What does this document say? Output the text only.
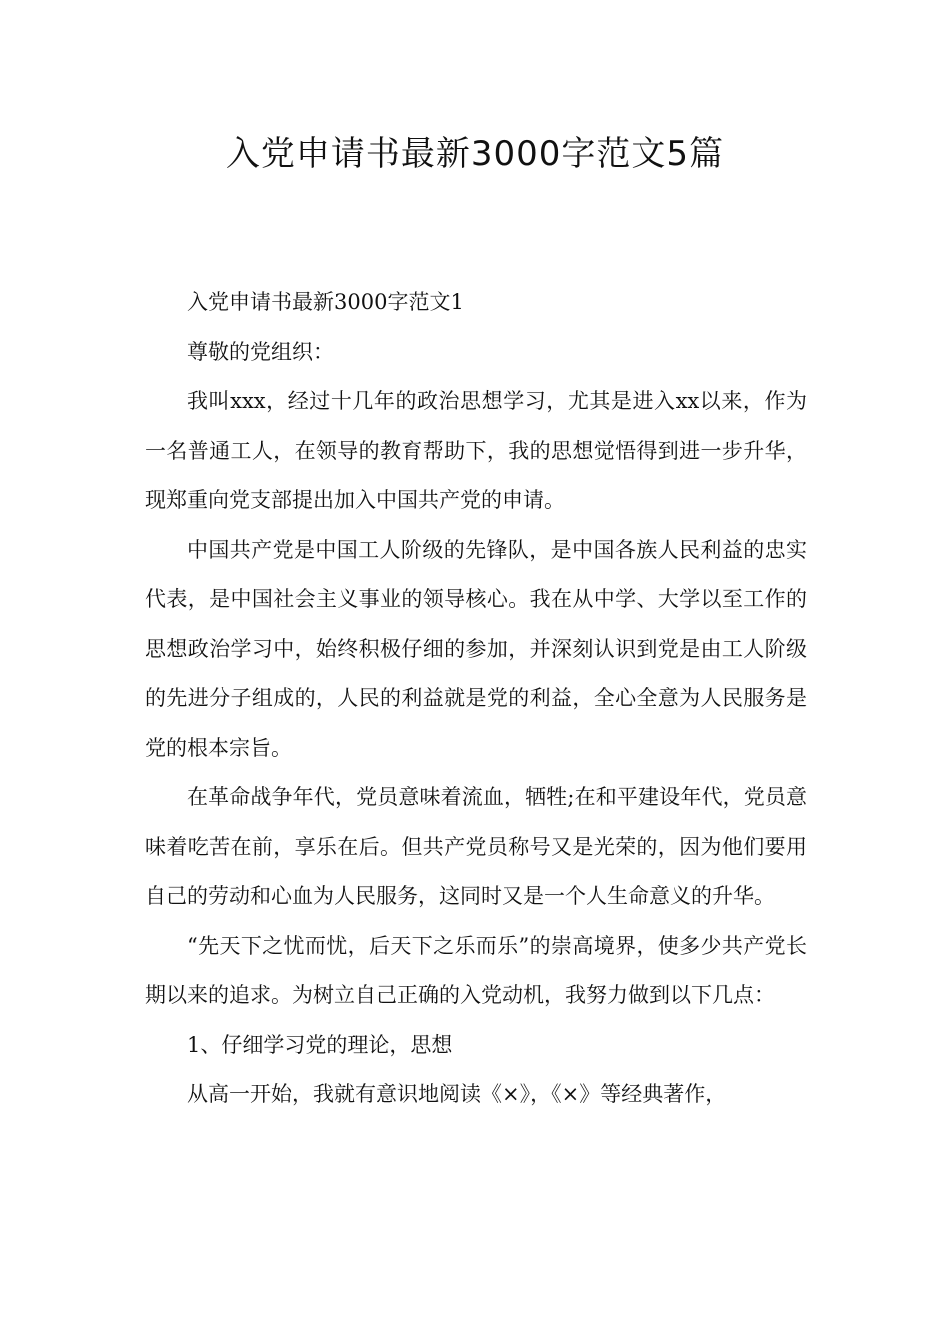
入党申请书最新3000字范文5篇

入党申请书最新3000字范文1

尊敬的党组织：

我叫xxx，经过十几年的政治思想学习，尤其是进入xx以来，作为一名普通工人，在领导的教育帮助下，我的思想觉悟得到进一步升华，现郑重向党支部提出加入中国共产党的申请。

中国共产党是中国工人阶级的先锋队，是中国各族人民利益的忠实代表，是中国社会主义事业的领导核心。我在从中学、大学以至工作的思想政治学习中，始终积极仔细的参加，并深刻认识到党是由工人阶级的先进分子组成的，人民的利益就是党的利益，全心全意为人民服务是党的根本宗旨。

在革命战争年代，党员意味着流血，牺牲;在和平建设年代，党员意味着吃苦在前，享乐在后。但共产党员称号又是光荣的，因为他们要用自己的劳动和心血为人民服务，这同时又是一个人生命意义的升华。

“先天下之忧而忧，后天下之乐而乐”的崇高境界，使多少共产党长期以来的追求。为树立自己正确的入党动机，我努力做到以下几点：

1、仔细学习党的理论，思想

从高一开始，我就有意识地阅读《×》，《×》等经典著作，
